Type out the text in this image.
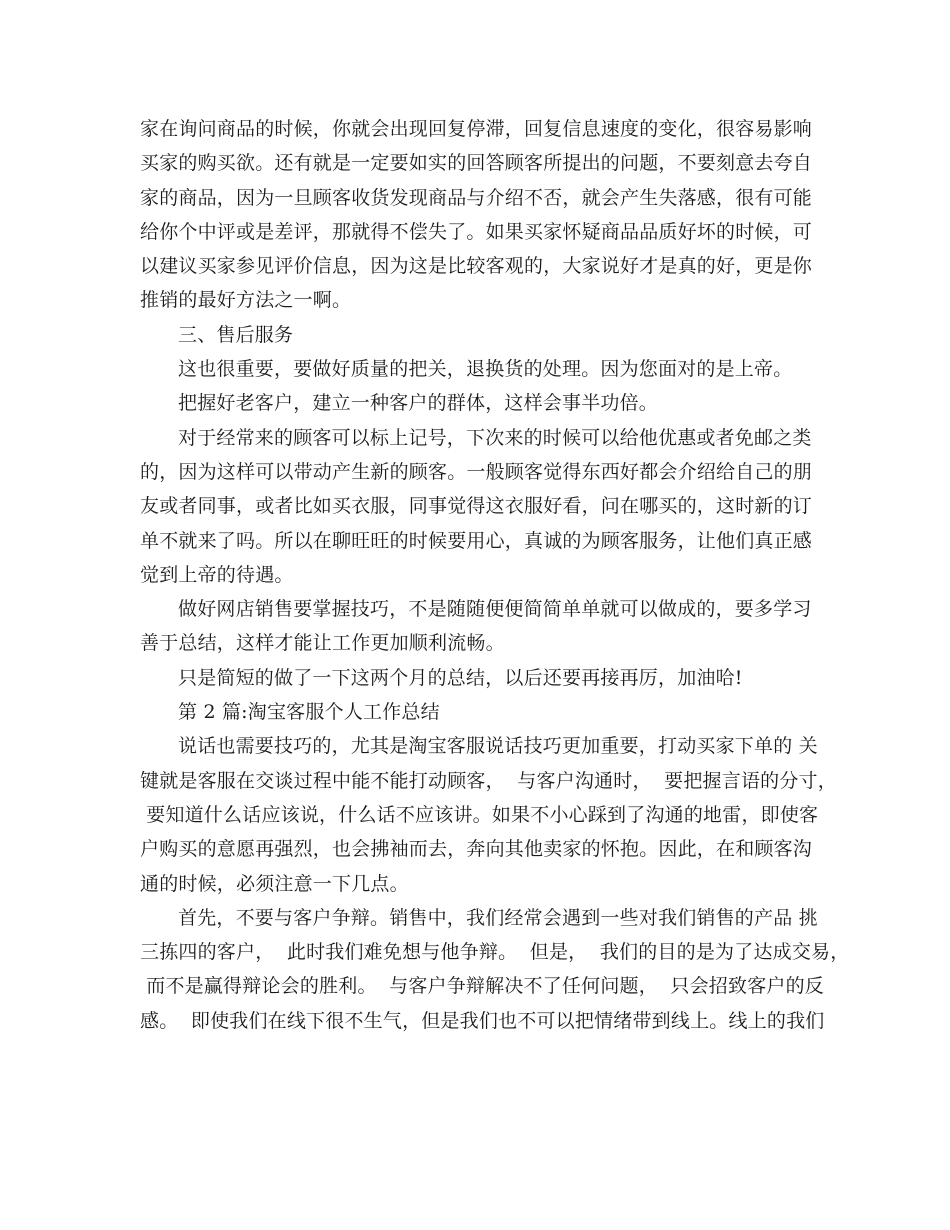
家在询问商品的时候，你就会出现回复停滞，回复信息速度的变化，很容易影响

买家的购买欲。还有就是一定要如实的回答顾客所提出的问题，不要刻意去夸自

家的商品，因为一旦顾客收货发现商品与介绍不否，就会产生失落感，很有可能

给你个中评或是差评，那就得不偿失了。如果买家怀疑商品品质好坏的时候，可

以建议买家参见评价信息，因为这是比较客观的，大家说好才是真的好，更是你

推销的最好方法之一啊。

三、售后服务

这也很重要，要做好质量的把关，退换货的处理。因为您面对的是上帝。

把握好老客户，建立一种客户的群体，这样会事半功倍。

对于经常来的顾客可以标上记号，下次来的时候可以给他优惠或者免邮之类

的，因为这样可以带动产生新的顾客。一般顾客觉得东西好都会介绍给自己的朋

友或者同事，或者比如买衣服，同事觉得这衣服好看，问在哪买的，这时新的订

单不就来了吗。所以在聊旺旺的时候要用心，真诚的为顾客服务，让他们真正感

觉到上帝的待遇。

做好网店销售要掌握技巧，不是随随便便简简单单就可以做成的，要多学习

善于总结，这样才能让工作更加顺利流畅。

只是简短的做了一下这两个月的总结，以后还要再接再厉，加油哈!

第 2 篇:淘宝客服个人工作总结

说话也需要技巧的，尤其是淘宝客服说话技巧更加重要，打动买家下单的 关

键就是客服在交谈过程中能不能打动顾客，  与客户沟通时，  要把握言语的分寸，

要知道什么话应该说，什么话不应该讲。如果不小心踩到了沟通的地雷，即使客

户购买的意愿再强烈，也会拂袖而去，奔向其他卖家的怀抱。因此，在和顾客沟

通的时候，必须注意一下几点。

首先，不要与客户争辩。销售中，我们经常会遇到一些对我们销售的产品 挑

三拣四的客户，  此时我们难免想与他争辩。  但是，  我们的目的是为了达成交易，

而不是赢得辩论会的胜利。  与客户争辩解决不了任何问题，  只会招致客户的反

感。  即使我们在线下很不生气，但是我们也不可以把情绪带到线上。线上的我们
